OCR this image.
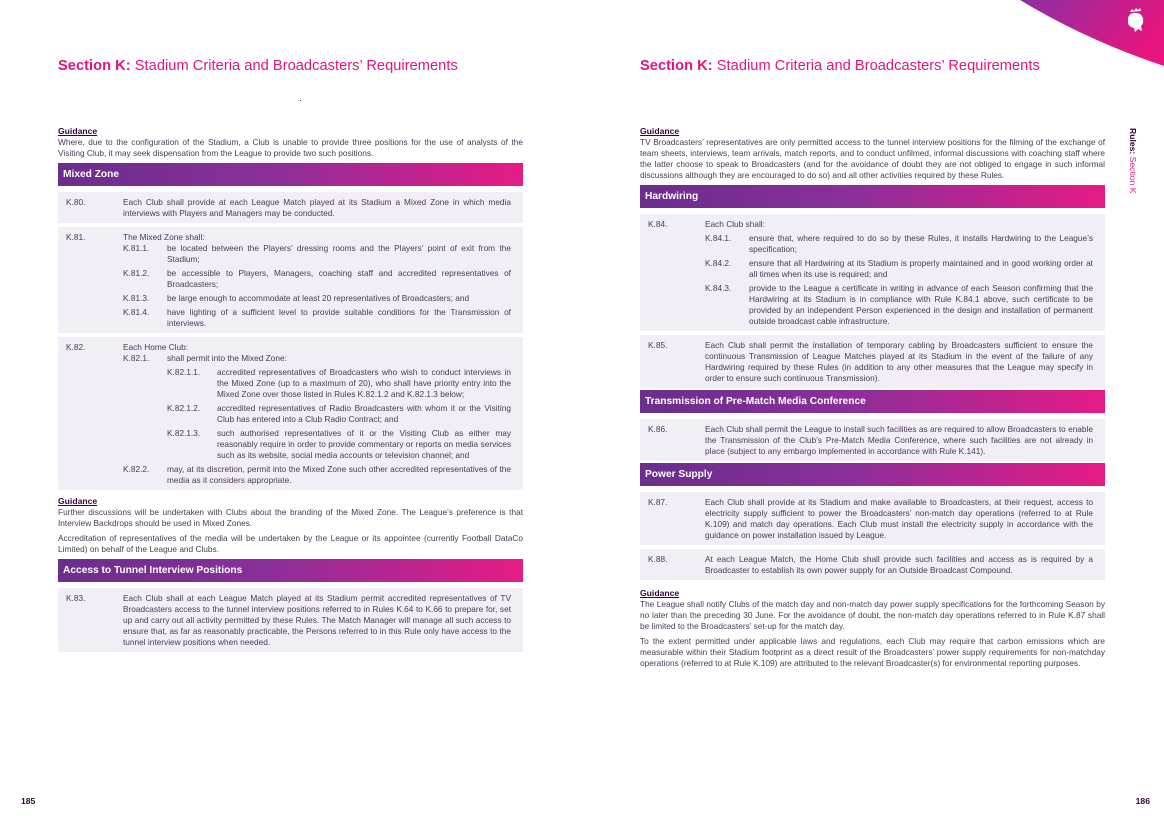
Section K: Stadium Criteria and Broadcasters’ Requirements
Guidance
Where, due to the configuration of the Stadium, a Club is unable to provide three positions for the use of analysts of the Visiting Club, it may seek dispensation from the League to provide two such positions.
Mixed Zone
K.80.	Each Club shall provide at each League Match played at its Stadium a Mixed Zone in which media interviews with Players and Managers may be conducted.
K.81.	The Mixed Zone shall:
K.81.1.	be located between the Players’ dressing rooms and the Players’ point of exit from the Stadium;
K.81.2.	be accessible to Players, Managers, coaching staff and accredited representatives of Broadcasters;
K.81.3.	be large enough to accommodate at least 20 representatives of Broadcasters; and
K.81.4.	have lighting of a sufficient level to provide suitable conditions for the Transmission of interviews.
K.82.	Each Home Club:
K.82.1.	shall permit into the Mixed Zone:
K.82.1.1.	accredited representatives of Broadcasters who wish to conduct interviews in the Mixed Zone (up to a maximum of 20), who shall have priority entry into the Mixed Zone over those listed in Rules K.82.1.2 and K.82.1.3 below;
K.82.1.2.	accredited representatives of Radio Broadcasters with whom it or the Visiting Club has entered into a Club Radio Contract; and
K.82.1.3.	such authorised representatives of it or the Visiting Club as either may reasonably require in order to provide commentary or reports on media services such as its website, social media accounts or television channel; and
K.82.2.	may, at its discretion, permit into the Mixed Zone such other accredited representatives of the media as it considers appropriate.
Guidance
Further discussions will be undertaken with Clubs about the branding of the Mixed Zone. The League’s preference is that Interview Backdrops should be used in Mixed Zones.
Accreditation of representatives of the media will be undertaken by the League or its appointee (currently Football DataCo Limited) on behalf of the League and Clubs.
Access to Tunnel Interview Positions
K.83.	Each Club shall at each League Match played at its Stadium permit accredited representatives of TV Broadcasters access to the tunnel interview positions referred to in Rules K.64 to K.66 to prepare for, set up and carry out all activity permitted by these Rules. The Match Manager will manage all such access to ensure that, as far as reasonably practicable, the Persons referred to in this Rule only have access to the tunnel interview positions when needed.
185
Section K: Stadium Criteria and Broadcasters’ Requirements
Guidance
TV Broadcasters’ representatives are only permitted access to the tunnel interview positions for the filming of the exchange of team sheets, interviews, team arrivals, match reports, and to conduct unfilmed, informal discussions with coaching staff where the latter choose to speak to Broadcasters (and for the avoidance of doubt they are not obliged to engage in such informal discussions although they are encouraged to do so) and all other activities required by these Rules.
Hardwiring
K.84.	Each Club shall:
K.84.1.	ensure that, where required to do so by these Rules, it installs Hardwiring to the League’s specification;
K.84.2.	ensure that all Hardwiring at its Stadium is properly maintained and in good working order at all times when its use is required; and
K.84.3.	provide to the League a certificate in writing in advance of each Season confirming that the Hardwiring at its Stadium is in compliance with Rule K.84.1 above, such certificate to be provided by an independent Person experienced in the design and installation of permanent outside broadcast cable infrastructure.
K.85.	Each Club shall permit the installation of temporary cabling by Broadcasters sufficient to ensure the continuous Transmission of League Matches played at its Stadium in the event of the failure of any Hardwiring required by these Rules (in addition to any other measures that the League may specify in order to ensure such continuous Transmission).
Transmission of Pre-Match Media Conference
K.86.	Each Club shall permit the League to install such facilities as are required to allow Broadcasters to enable the Transmission of the Club’s Pre-Match Media Conference, where such facilities are not already in place (subject to any embargo implemented in accordance with Rule K.141).
Power Supply
K.87.	Each Club shall provide at its Stadium and make available to Broadcasters, at their request, access to electricity supply sufficient to power the Broadcasters’ non-match day operations (referred to at Rule K.109) and match day operations. Each Club must install the electricity supply in accordance with the guidance on power installation issued by League.
K.88.	At each League Match, the Home Club shall provide such facilities and access as is required by a Broadcaster to establish its own power supply for an Outside Broadcast Compound.
Guidance
The League shall notify Clubs of the match day and non-match day power supply specifications for the forthcoming Season by no later than the preceding 30 June. For the avoidance of doubt, the non-match day operations referred to in Rule K.87 shall be limited to the Broadcasters’ set-up for the match day.
To the extent permitted under applicable laws and regulations, each Club may require that carbon emissions which are measurable within their Stadium footprint as a direct result of the Broadcasters’ power supply requirements for non-matchday operations (referred to at Rule K.109) are attributed to the relevant Broadcaster(s) for environmental reporting purposes.
186
Rules: Section K
